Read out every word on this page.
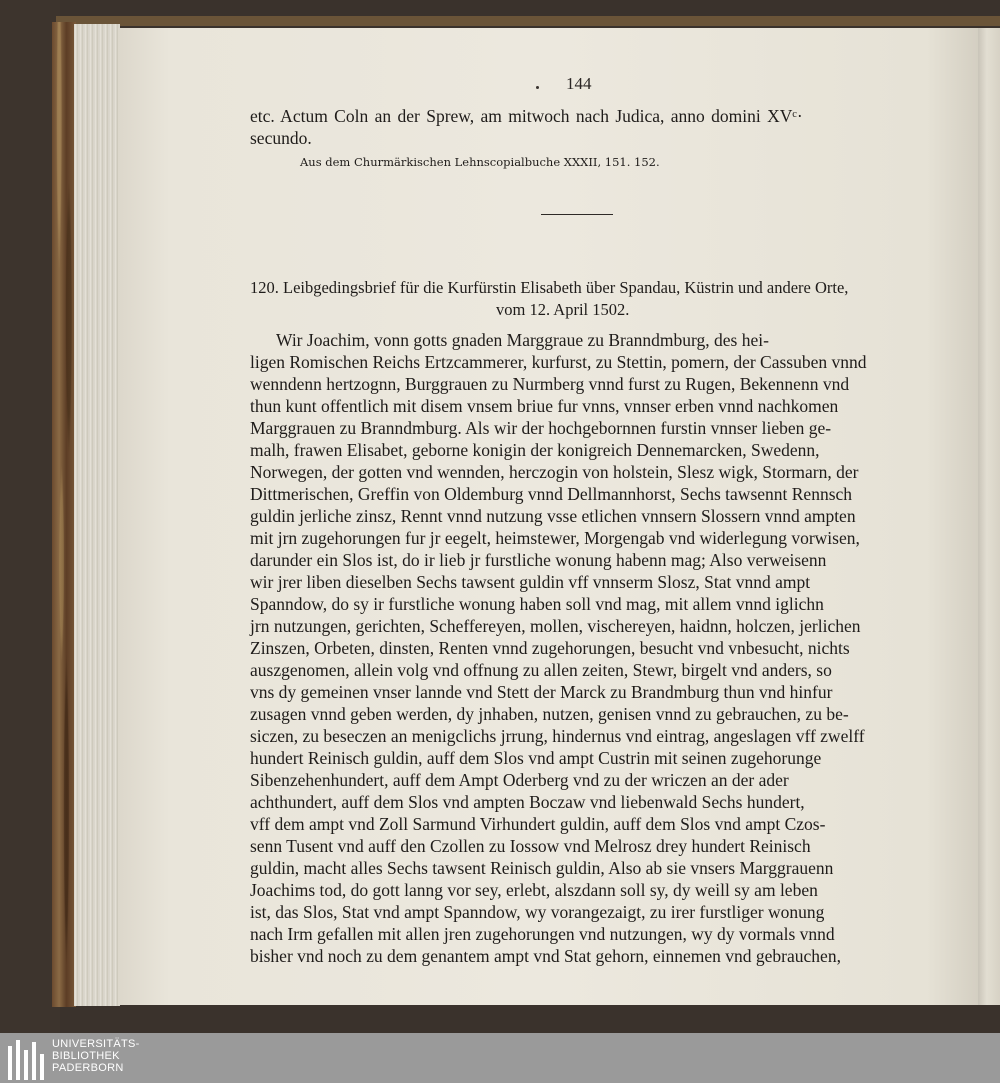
144
etc. Actum Coln an der Sprew, am mitwoch nach Judica, anno domini XVᶜ·
secundo.
Aus dem Churmärkischen Lehnscopialbuche XXXII, 151. 152.
120. Leibgedingsbrief für die Kurfürstin Elisabeth über Spandau, Küstrin und andere Orte,
vom 12. April 1502.
Wir Joachim, vonn gotts gnaden Marggraue zu Branndmburg, des hei-
ligen Romischen Reichs Ertzcammerer, kurfurst, zu Stettin, pomern, der Cassuben vnnd
wenndenn hertzognn, Burggrauen zu Nurmberg vnnd furst zu Rugen, Bekennenn vnd
thun kunt offentlich mit disem vnsem briue fur vnns, vnnser erben vnnd nachkomen
Marggrauen zu Branndmburg. Als wir der hochgebornnen furstin vnnser lieben ge-
malh, frawen Elisabet, geborne konigin der konigreich Dennemarcken, Swedenn,
Norwegen, der gotten vnd wennden, herczogin von holstein, Slesz wigk, Stormarn, der
Dittmerischen, Greffin von Oldemburg vnnd Dellmannhorst, Sechs tawsennt Rennsch
guldin jerliche zinsz, Rennt vnnd nutzung vsse etlichen vnnsern Slossern vnnd ampten
mit jrn zugehorungen fur jr eegelt, heimstewer, Morgengab vnd widerlegung vorwisen,
darunder ein Slos ist, do ir lieb jr furstliche wonung habenn mag; Also verweisenn
wir jrer liben dieselben Sechs tawsent guldin vff vnnserm Slosz, Stat vnnd ampt
Spanndow, do sy ir furstliche wonung haben soll vnd mag, mit allem vnnd iglichn
jrn nutzungen, gerichten, Scheffereyen, mollen, vischereyen, haidnn, holczen, jerlichen
Zinszen, Orbeten, dinsten, Renten vnnd zugehorungen, besucht vnd vnbesucht, nichts
auszgenomen, allein volg vnd offnung zu allen zeiten, Stewr, birgelt vnd anders, so
vns dy gemeinen vnser lannde vnd Stett der Marck zu Brandmburg thun vnd hinfur
zusagen vnnd geben werden, dy jnhaben, nutzen, genisen vnnd zu gebrauchen, zu be-
siczen, zu beseczen an menigclichs jrrung, hindernus vnd eintrag, angeslagen vff zwelff
hundert Reinisch guldin, auff dem Slos vnd ampt Custrin mit seinen zugehorunge
Sibenzehenhundert, auff dem Ampt Oderberg vnd zu der wriczen an der ader
achthundert, auff dem Slos vnd ampten Boczaw vnd liebenwald Sechs hundert,
vff dem ampt vnd Zoll Sarmund Virhundert guldin, auff dem Slos vnd ampt Czos-
senn Tusent vnd auff den Czollen zu Iossow vnd Melrosz drey hundert Reinisch
guldin, macht alles Sechs tawsent Reinisch guldin, Also ab sie vnsers Marggrauenn
Joachims tod, do gott lanng vor sey, erlebt, alszdann soll sy, dy weill sy am leben
ist, das Slos, Stat vnd ampt Spanndow, wy vorangezaigt, zu irer furstliger wonung
nach Irm gefallen mit allen jren zugehorungen vnd nutzungen, wy dy vormals vnnd
bisher vnd noch zu dem genantem ampt vnd Stat gehorn, einnemen vnd gebrauchen,
UNIVERSITÄTS-
BIBLIOTHEK
PADERBORN
